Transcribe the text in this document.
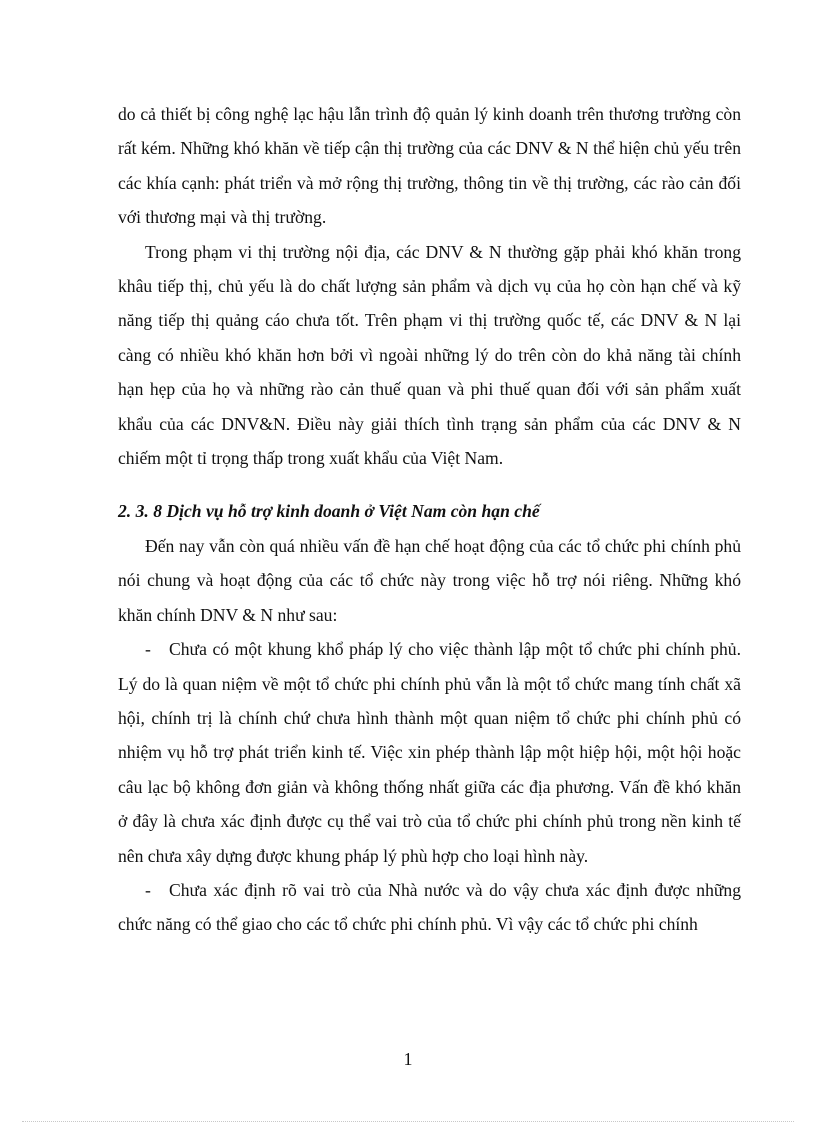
do cả thiết bị công nghệ lạc hậu lẫn trình độ quản lý kinh doanh trên thương trường còn rất kém. Những khó khăn về tiếp cận thị trường của các DNV & N thể hiện chủ yếu trên các khía cạnh: phát triển và mở rộng thị trường, thông tin về thị trường, các rào cản đối với thương mại và thị trường.

Trong phạm vi thị trường nội địa, các DNV & N thường gặp phải khó khăn trong khâu tiếp thị, chủ yếu là do chất lượng sản phẩm và dịch vụ của họ còn hạn chế và kỹ năng tiếp thị quảng cáo chưa tốt. Trên phạm vi thị trường quốc tế, các DNV & N lại càng có nhiều khó khăn hơn bởi vì ngoài những lý do trên còn do khả năng tài chính hạn hẹp của họ và những rào cản thuế quan và phi thuế quan đối với sản phẩm xuất khẩu của các DNV&N. Điều này giải thích tình trạng sản phẩm của các DNV & N chiếm một tỉ trọng thấp trong xuất khẩu của Việt Nam.

2. 3. 8 Dịch vụ hỗ trợ kinh doanh ở Việt Nam còn hạn chế

Đến nay vẫn còn quá nhiều vấn đề hạn chế hoạt động của các tổ chức phi chính phủ nói chung và hoạt động của các tổ chức này trong việc hỗ trợ nói riêng. Những khó khăn chính DNV & N như sau:

- Chưa có một khung khổ pháp lý cho việc thành lập một tổ chức phi chính phủ. Lý do là quan niệm về một tổ chức phi chính phủ vẫn là một tổ chức mang tính chất xã hội, chính trị là chính chứ chưa hình thành một quan niệm tổ chức phi chính phủ có nhiệm vụ hỗ trợ phát triển kinh tế. Việc xin phép thành lập một hiệp hội, một hội hoặc câu lạc bộ không đơn giản và không thống nhất giữa các địa phương. Vấn đề khó khăn ở đây là chưa xác định được cụ thể vai trò của tổ chức phi chính phủ trong nền kinh tế nên chưa xây dựng được khung pháp lý phù hợp cho loại hình này.

- Chưa xác định rõ vai trò của Nhà nước và do vậy chưa xác định được những chức năng có thể giao cho các tổ chức phi chính phủ. Vì vậy các tổ chức phi chính

1
